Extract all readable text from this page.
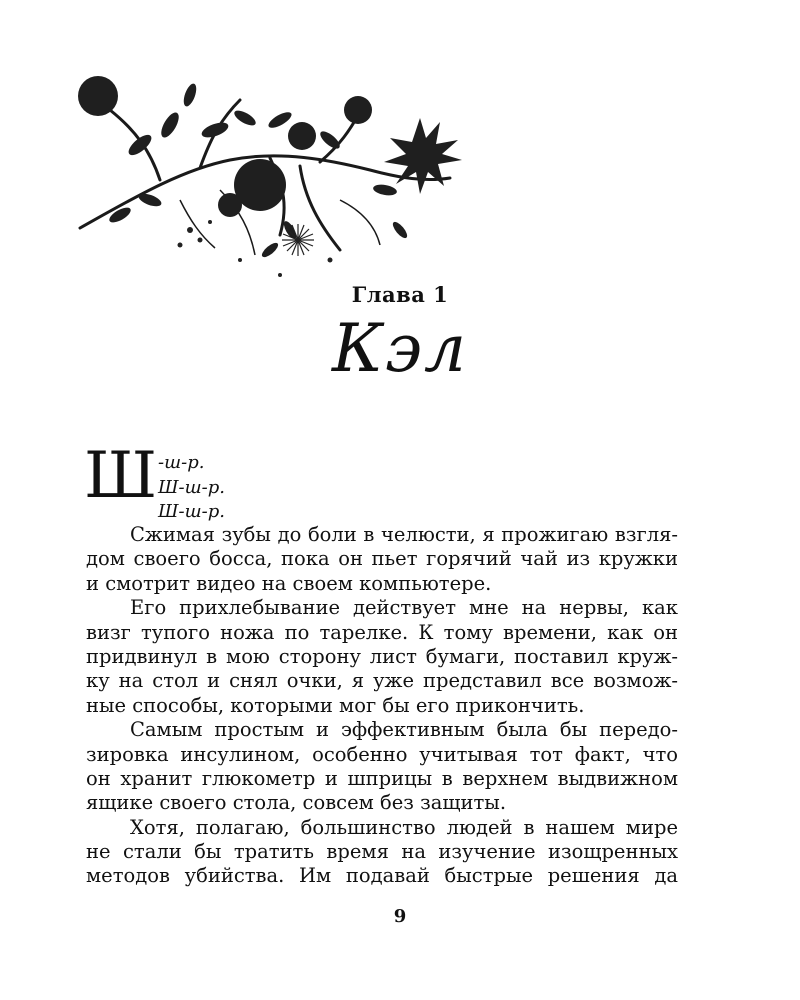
Глава 1
Кэл
Ш -ш-р.
Ш-ш-р.
Ш-ш-р.
Сжимая зубы до боли в челюсти, я прожигаю взгля-
дом своего босса, пока он пьет горячий чай из кружки
и смотрит видео на своем компьютере.
Его прихлебывание действует мне на нервы, как
визг тупого ножа по тарелке. К тому времени, как он
придвинул в мою сторону лист бумаги, поставил круж-
ку на стол и снял очки, я уже представил все возмож-
ные способы, которыми мог бы его прикончить.
Самым простым и эффективным была бы передо-
зировка инсулином, особенно учитывая тот факт, что
он хранит глюкометр и шприцы в верхнем выдвижном
ящике своего стола, совсем без защиты.
Хотя, полагаю, большинство людей в нашем мире
не стали бы тратить время на изучение изощренных
методов убийства. Им подавай быстрые решения да
9
